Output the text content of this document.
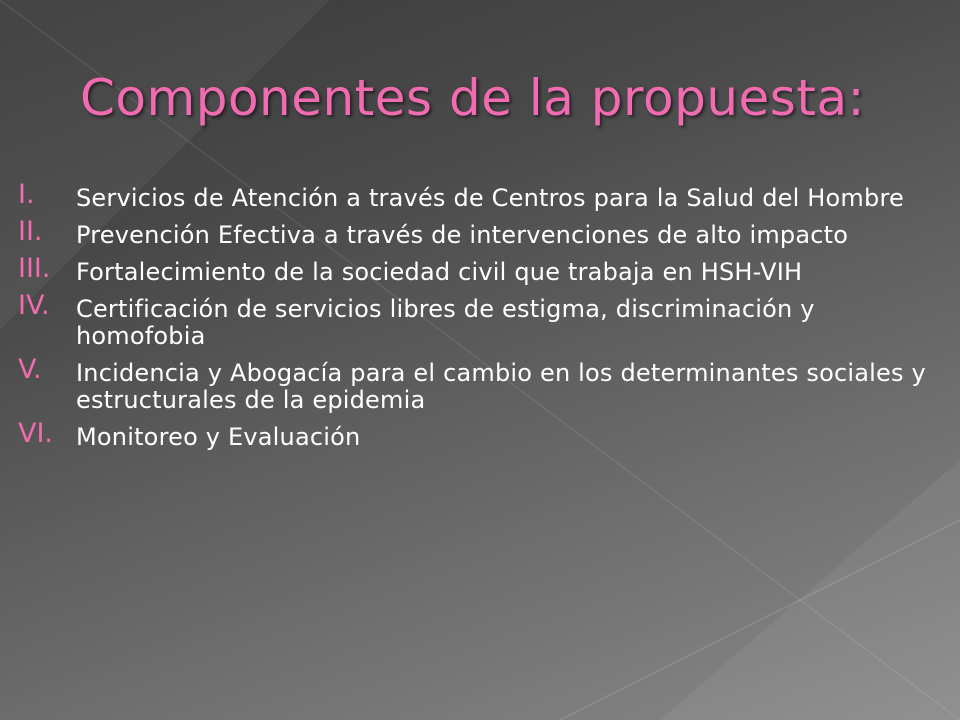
Componentes de la propuesta:
I.	Servicios de Atención a través de Centros para la Salud del Hombre
II.	Prevención Efectiva a través de intervenciones de alto impacto
III.	Fortalecimiento de la sociedad civil que trabaja en HSH-VIH
IV.	Certificación de servicios libres de estigma, discriminación y homofobia
V.	Incidencia y Abogacía para el cambio en los determinantes sociales y estructurales de la epidemia
VI. Monitoreo y Evaluación
